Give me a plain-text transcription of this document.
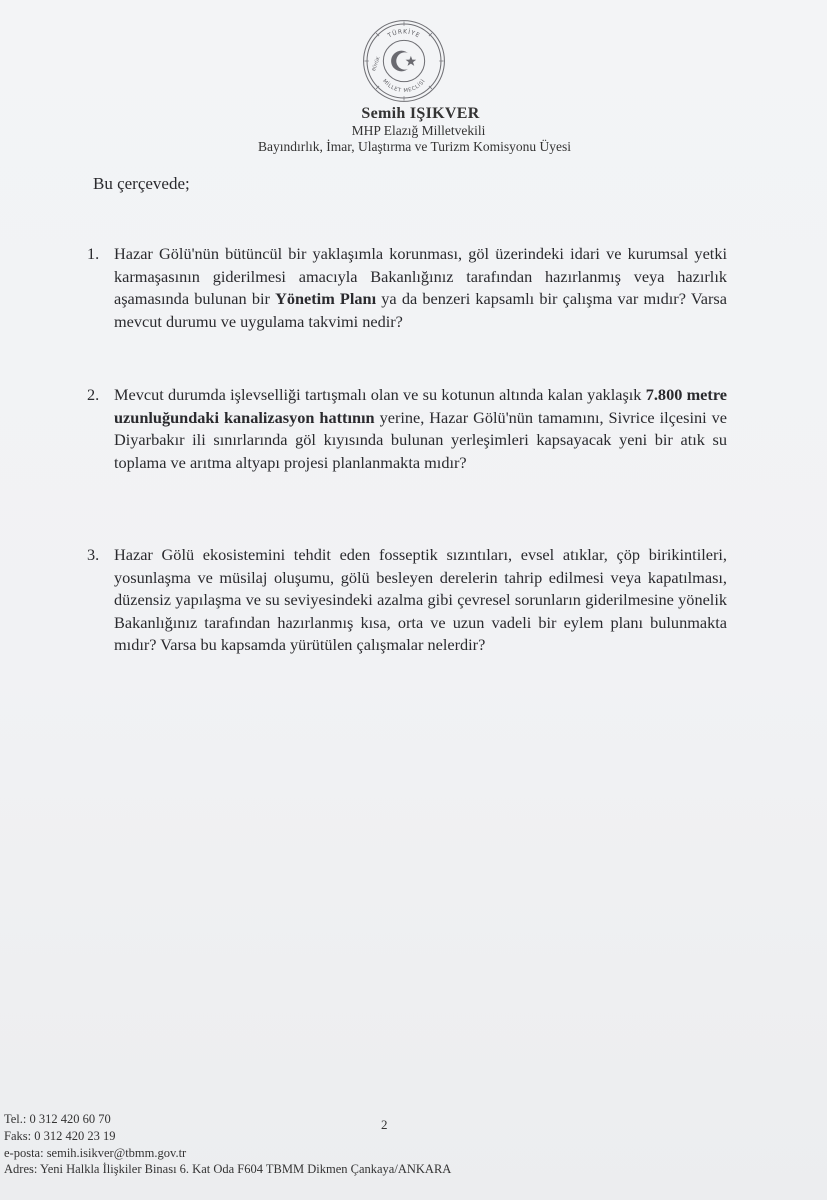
TÜRKİYE
MİLLET MECLİSİ
BÜYÜK
Semih IŞIKVER
MHP Elazığ Milletvekili
Bayındırlık, İmar, Ulaştırma ve Turizm Komisyonu Üyesi
Bu çerçevede;
1. Hazar Gölü'nün bütüncül bir yaklaşımla korunması, göl üzerindeki idari ve kurumsal yetki karmaşasının giderilmesi amacıyla Bakanlığınız tarafından hazırlanmış veya hazırlık aşamasında bulunan bir Yönetim Planı ya da benzeri kapsamlı bir çalışma var mıdır? Varsa mevcut durumu ve uygulama takvimi nedir?
2. Mevcut durumda işlevselliği tartışmalı olan ve su kotunun altında kalan yaklaşık 7.800 metre uzunluğundaki kanalizasyon hattının yerine, Hazar Gölü'nün tamamını, Sivrice ilçesini ve Diyarbakır ili sınırlarında göl kıyısında bulunan yerleşimleri kapsayacak yeni bir atık su toplama ve arıtma altyapı projesi planlanmakta mıdır?
3. Hazar Gölü ekosistemini tehdit eden fosseptik sızıntıları, evsel atıklar, çöp birikintileri, yosunlaşma ve müsilaj oluşumu, gölü besleyen derelerin tahrip edilmesi veya kapatılması, düzensiz yapılaşma ve su seviyesindeki azalma gibi çevresel sorunların giderilmesine yönelik Bakanlığınız tarafından hazırlanmış kısa, orta ve uzun vadeli bir eylem planı bulunmakta mıdır? Varsa bu kapsamda yürütülen çalışmalar nelerdir?
2
Tel.: 0 312 420 60 70
Faks: 0 312 420 23 19
e-posta: semih.isikver@tbmm.gov.tr
Adres: Yeni Halkla İlişkiler Binası 6. Kat Oda F604 TBMM Dikmen Çankaya/ANKARA
